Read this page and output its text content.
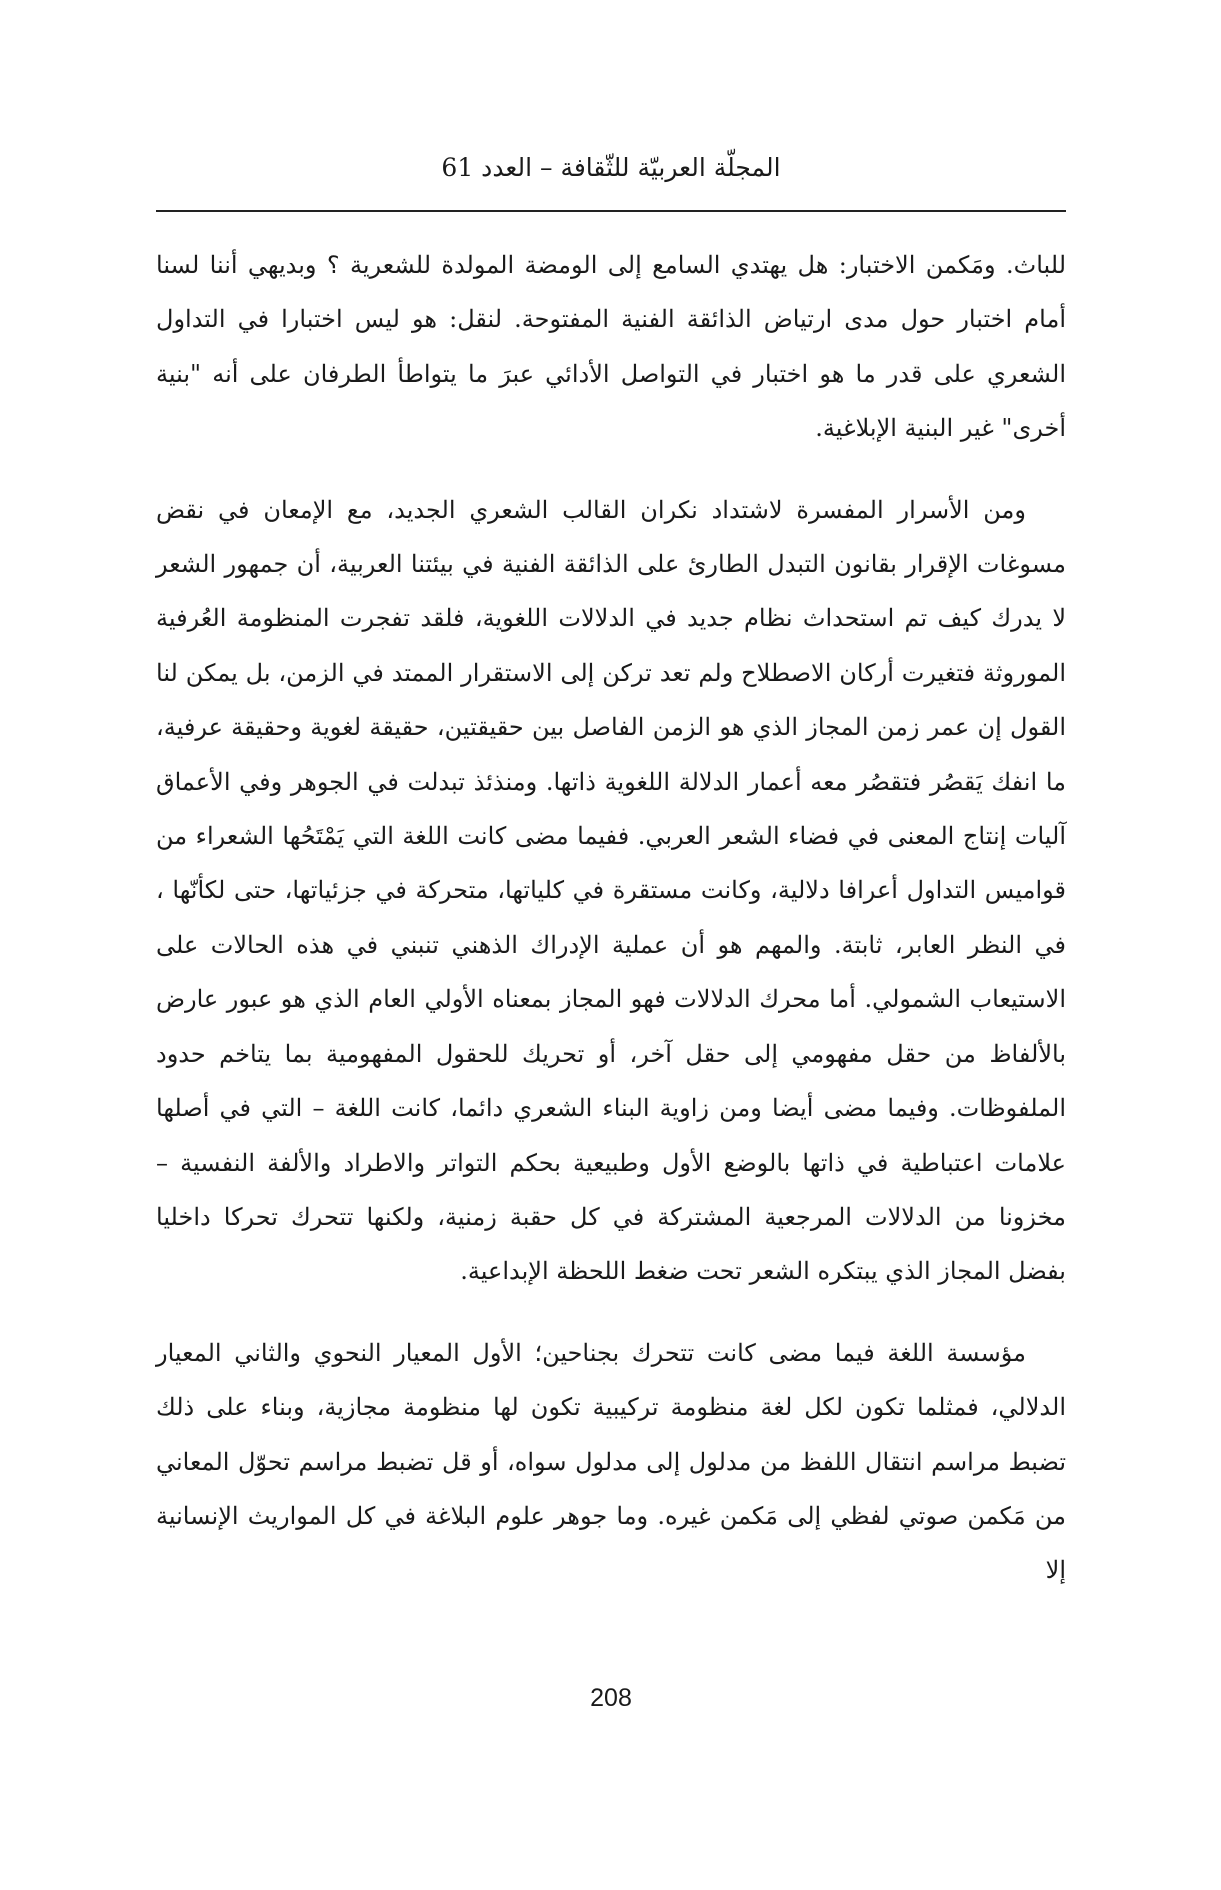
المجلّة العربيّة للثّقافة – العدد 61

للباث. ومَكمن الاختبار: هل يهتدي السامع إلى الومضة المولدة للشعرية ؟ وبديهي أننا لسنا أمام اختبار حول مدى ارتياض الذائقة الفنية المفتوحة. لنقل: هو ليس اختبارا في التداول الشعري على قدر ما هو اختبار في التواصل الأدائي عبرَ ما يتواطأ الطرفان على أنه "بنية أخرى" غير البنية الإبلاغية.

ومن الأسرار المفسرة لاشتداد نكران القالب الشعري الجديد، مع الإمعان في نقض مسوغات الإقرار بقانون التبدل الطارئ على الذائقة الفنية في بيئتنا العربية، أن جمهور الشعر لا يدرك كيف تم استحداث نظام جديد في الدلالات اللغوية، فلقد تفجرت المنظومة العُرفية الموروثة فتغيرت أركان الاصطلاح ولم تعد تركن إلى الاستقرار الممتد في الزمن، بل يمكن لنا القول إن عمر زمن المجاز الذي هو الزمن الفاصل بين حقيقتين، حقيقة لغوية وحقيقة عرفية، ما انفك يَقصُر فتقصُر معه أعمار الدلالة اللغوية ذاتها. ومنذئذ تبدلت في الجوهر وفي الأعماق آليات إنتاج المعنى في فضاء الشعر العربي. ففيما مضى كانت اللغة التي يَمْتَحُها الشعراء من قواميس التداول أعرافا دلالية، وكانت مستقرة في كلياتها، متحركة في جزئياتها، حتى لكأنّها ، في النظر العابر، ثابتة. والمهم هو أن عملية الإدراك الذهني تنبني في هذه الحالات على الاستيعاب الشمولي. أما محرك الدلالات فهو المجاز بمعناه الأولي العام الذي هو عبور عارض بالألفاظ من حقل مفهومي إلى حقل آخر، أو تحريك للحقول المفهومية بما يتاخم حدود الملفوظات. وفيما مضى أيضا ومن زاوية البناء الشعري دائما، كانت اللغة – التي في أصلها علامات اعتباطية في ذاتها بالوضع الأول وطبيعية بحكم التواتر والاطراد والألفة النفسية – مخزونا من الدلالات المرجعية المشتركة في كل حقبة زمنية، ولكنها تتحرك تحركا داخليا بفضل المجاز الذي يبتكره الشعر تحت ضغط اللحظة الإبداعية.

مؤسسة اللغة فيما مضى كانت تتحرك بجناحين؛ الأول المعيار النحوي والثاني المعيار الدلالي، فمثلما تكون لكل لغة منظومة تركيبية تكون لها منظومة مجازية، وبناء على ذلك تضبط مراسم انتقال اللفظ من مدلول إلى مدلول سواه، أو قل تضبط مراسم تحوّل المعاني من مَكمن صوتي لفظي إلى مَكمن غيره. وما جوهر علوم البلاغة في كل المواريث الإنسانية إلا

208
